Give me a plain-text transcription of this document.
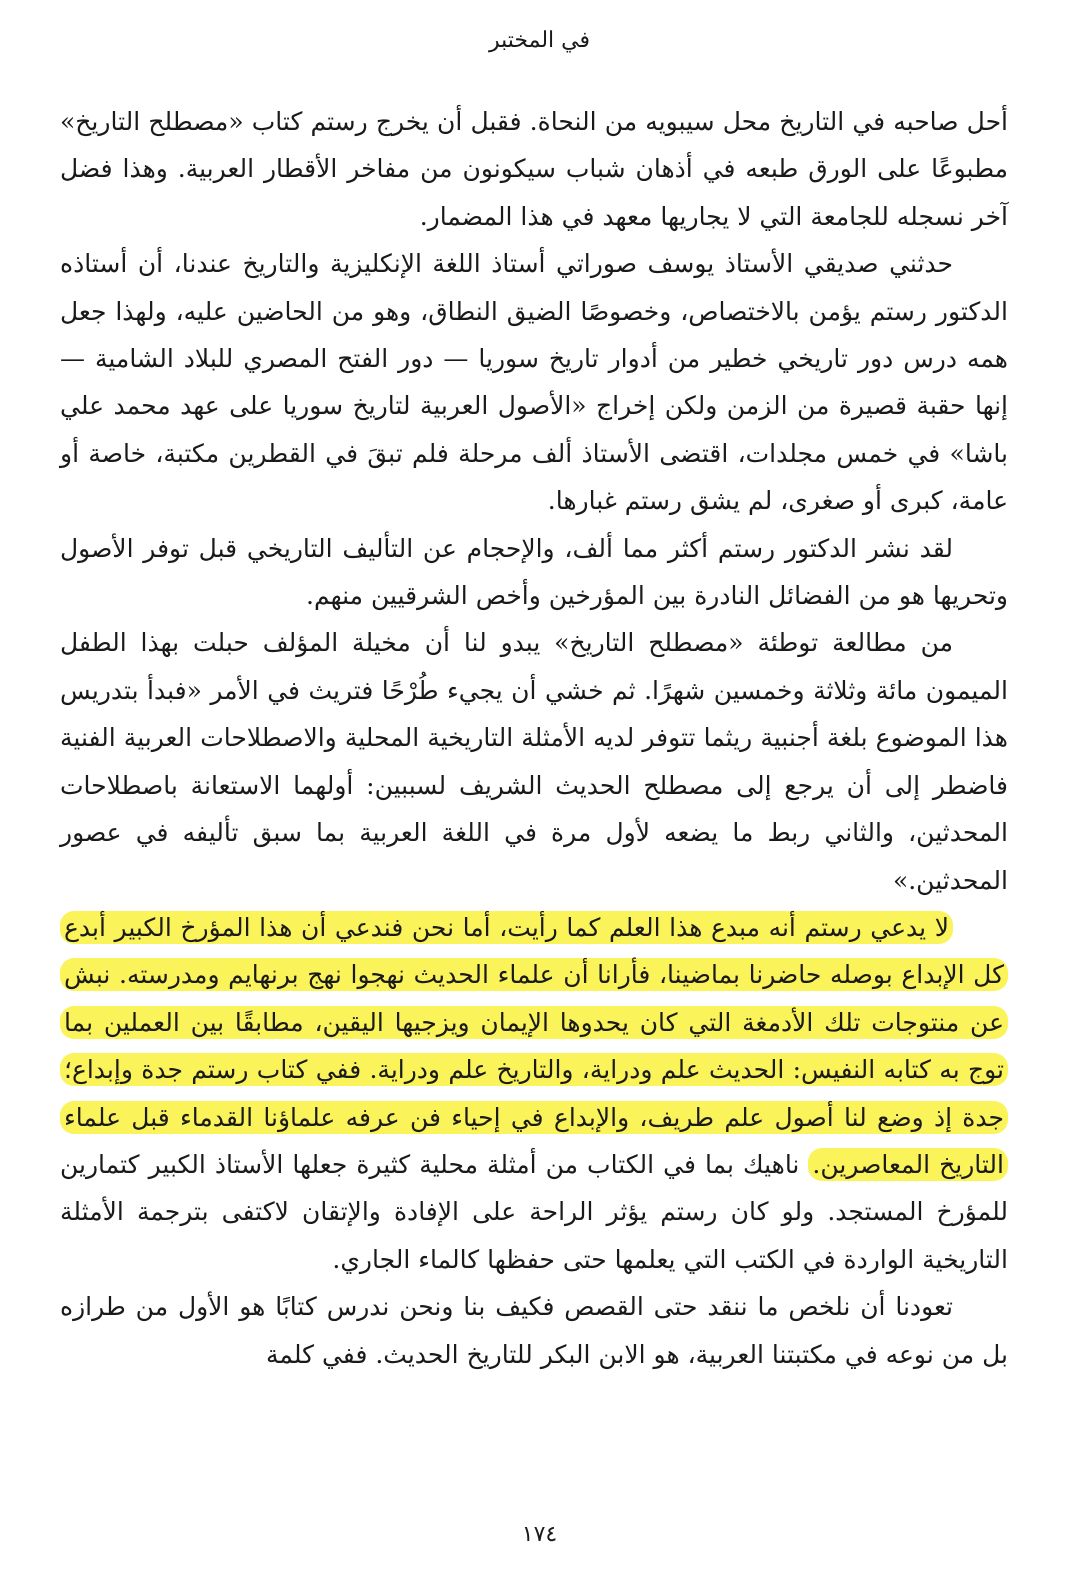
في المختبر

أحل صاحبه في التاريخ محل سيبويه من النحاة. فقبل أن يخرج رستم كتاب «مصطلح التاريخ» مطبوعًا على الورق طبعه في أذهان شباب سيكونون من مفاخر الأقطار العربية. وهذا فضل آخر نسجله للجامعة التي لا يجاريها معهد في هذا المضمار.

حدثني صديقي الأستاذ يوسف صوراتي أستاذ اللغة الإنكليزية والتاريخ عندنا، أن أستاذه الدكتور رستم يؤمن بالاختصاص، وخصوصًا الضيق النطاق، وهو من الحاضين عليه، ولهذا جعل همه درس دور تاريخي خطير من أدوار تاريخ سوريا — دور الفتح المصري للبلاد الشامية — إنها حقبة قصيرة من الزمن ولكن إخراج «الأصول العربية لتاريخ سوريا على عهد محمد علي باشا» في خمس مجلدات، اقتضى الأستاذ ألف مرحلة فلم تبقَ في القطرين مكتبة، خاصة أو عامة، كبرى أو صغرى، لم يشق رستم غبارها.

لقد نشر الدكتور رستم أكثر مما ألف، والإحجام عن التأليف التاريخي قبل توفر الأصول وتحريها هو من الفضائل النادرة بين المؤرخين وأخص الشرقيين منهم.

من مطالعة توطئة «مصطلح التاريخ» يبدو لنا أن مخيلة المؤلف حبلت بهذا الطفل الميمون مائة وثلاثة وخمسين شهرًا. ثم خشي أن يجيء طُرْحًا فتريث في الأمر «فبدأ بتدريس هذا الموضوع بلغة أجنبية ريثما تتوفر لديه الأمثلة التاريخية المحلية والاصطلاحات العربية الفنية فاضطر إلى أن يرجع إلى مصطلح الحديث الشريف لسببين: أولهما الاستعانة باصطلاحات المحدثين، والثاني ربط ما يضعه لأول مرة في اللغة العربية بما سبق تأليفه في عصور المحدثين.»

لا يدعي رستم أنه مبدع هذا العلم كما رأيت، أما نحن فندعي أن هذا المؤرخ الكبير أبدع كل الإبداع بوصله حاضرنا بماضينا، فأرانا أن علماء الحديث نهجوا نهج برنهايم ومدرسته. نبش عن منتوجات تلك الأدمغة التي كان يحدوها الإيمان ويزجيها اليقين، مطابقًا بين العملين بما توج به كتابه النفيس: الحديث علم ودراية، والتاريخ علم ودراية. ففي كتاب رستم جدة وإبداع؛ جدة إذ وضع لنا أصول علم طريف، والإبداع في إحياء فن عرفه علماؤنا القدماء قبل علماء التاريخ المعاصرين. ناهيك بما في الكتاب من أمثلة محلية كثيرة جعلها الأستاذ الكبير كتمارين للمؤرخ المستجد. ولو كان رستم يؤثر الراحة على الإفادة والإتقان لاكتفى بترجمة الأمثلة التاريخية الواردة في الكتب التي يعلمها حتى حفظها كالماء الجاري.

تعودنا أن نلخص ما ننقد حتى القصص فكيف بنا ونحن ندرس كتابًا هو الأول من طرازه بل من نوعه في مكتبتنا العربية، هو الابن البكر للتاريخ الحديث. ففي كلمة

١٧٤
